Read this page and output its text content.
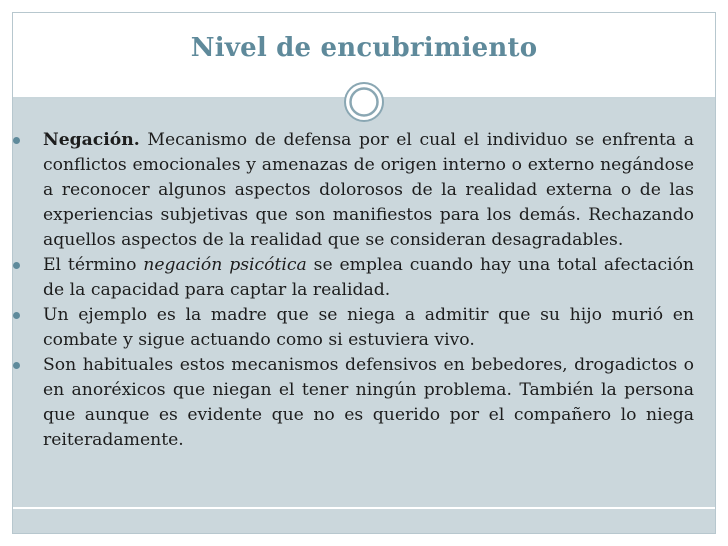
Nivel de encubrimiento
Negación. Mecanismo de defensa por el cual el individuo se enfrenta a conflictos emocionales y amenazas de origen interno o externo negándose a reconocer algunos aspectos dolorosos de la realidad externa o de las experiencias subjetivas que son manifiestos para los demás. Rechazando aquellos aspectos de la realidad que se consideran desagradables.
El término negación psicótica se emplea cuando hay una total afectación de la capacidad para captar la realidad.
Un ejemplo es la madre que se niega a admitir que su hijo murió en combate y sigue actuando como si estuviera vivo.
Son habituales estos mecanismos defensivos en bebedores, drogadictos o en anoréxicos que niegan el tener ningún problema. También la persona que aunque es evidente que no es querido por el compañero lo niega reiteradamente.
